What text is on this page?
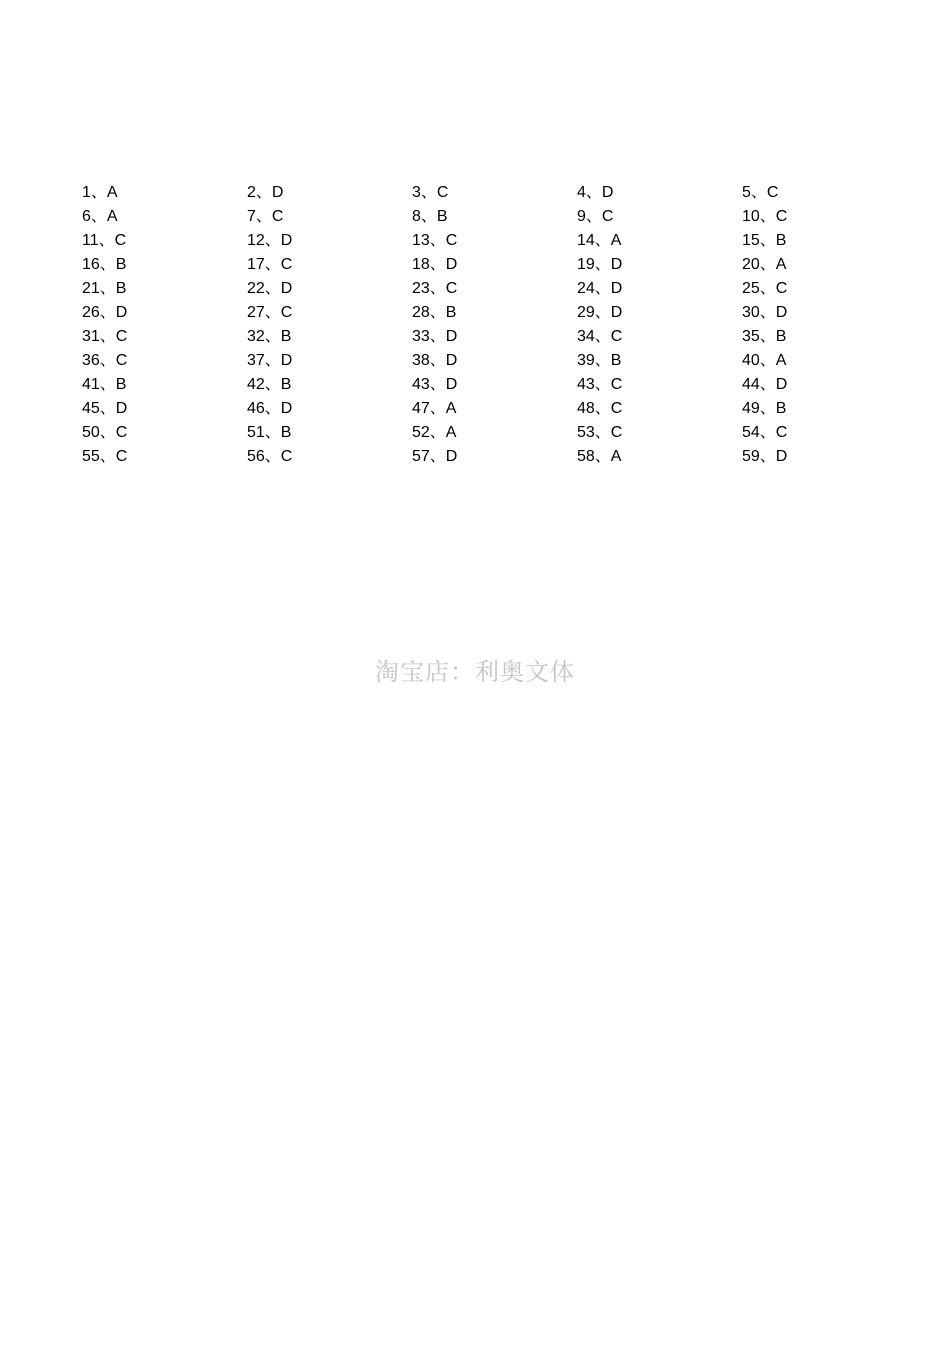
1、A	2、D	3、C	4、D	5、C
6、A	7、C	8、B	9、C	10、C
11、C	12、D	13、C	14、A	15、B
16、B	17、C	18、D	19、D	20、A
21、B	22、D	23、C	24、D	25、C
26、D	27、C	28、B	29、D	30、D
31、C	32、B	33、D	34、C	35、B
36、C	37、D	38、D	39、B	40、A
41、B	42、B	43、D	43、C	44、D
45、D	46、D	47、A	48、C	49、B
50、C	51、B	52、A	53、C	54、C
55、C	56、C	57、D	58、A	59、D
淘宝店：利奥文体
